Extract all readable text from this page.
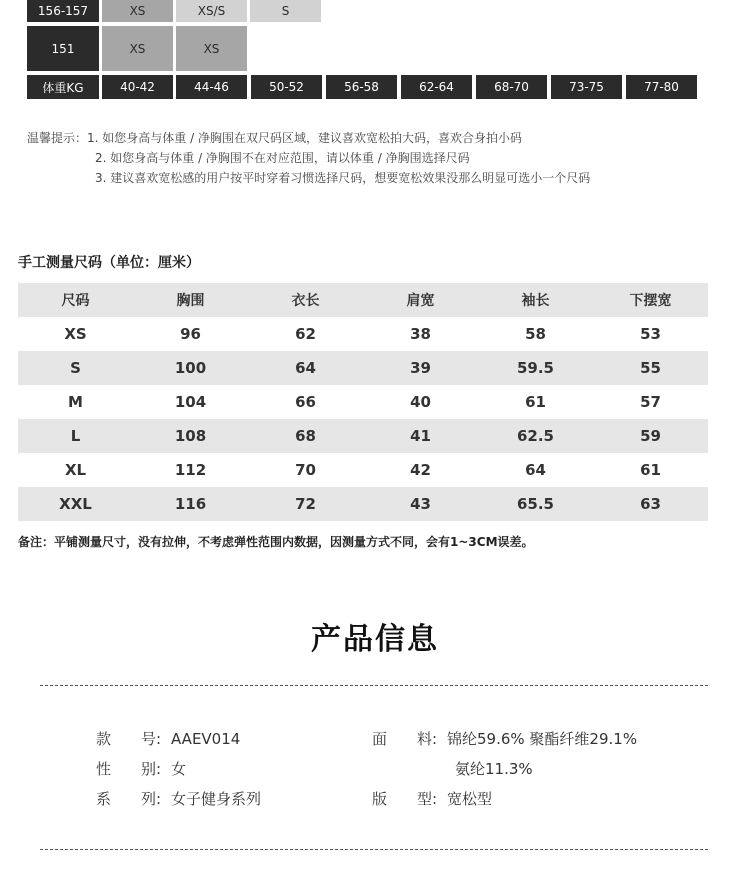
156-157	XS	XS/S	S
151	XS	XS
体重KG	40-42	44-46	50-52	56-58	62-64	68-70	73-75	77-80
温馨提示：1. 如您身高与体重 / 净胸围在双尺码区域，建议喜欢宽松拍大码，喜欢合身拍小码
2. 如您身高与体重 / 净胸围不在对应范围，请以体重 / 净胸围选择尺码
3. 建议喜欢宽松感的用户按平时穿着习惯选择尺码，想要宽松效果没那么明显可选小一个尺码
手工测量尺码（单位：厘米）
尺码	胸围	衣长	肩宽	袖长	下摆宽
XS	96	62	38	58	53
S	100	64	39	59.5	55
M	104	66	40	61	57
L	108	68	41	62.5	59
XL	112	70	42	64	61
XXL	116	72	43	65.5	63
备注：平铺测量尺寸，没有拉伸，不考虑弹性范围内数据，因测量方式不同，会有1~3CM误差。
产品信息
款　　号: AAEV014
性　　别: 女
系　　列: 女子健身系列
面　　料: 锦纶59.6% 聚酯纤维29.1%
氨纶11.3%
版　　型: 宽松型
